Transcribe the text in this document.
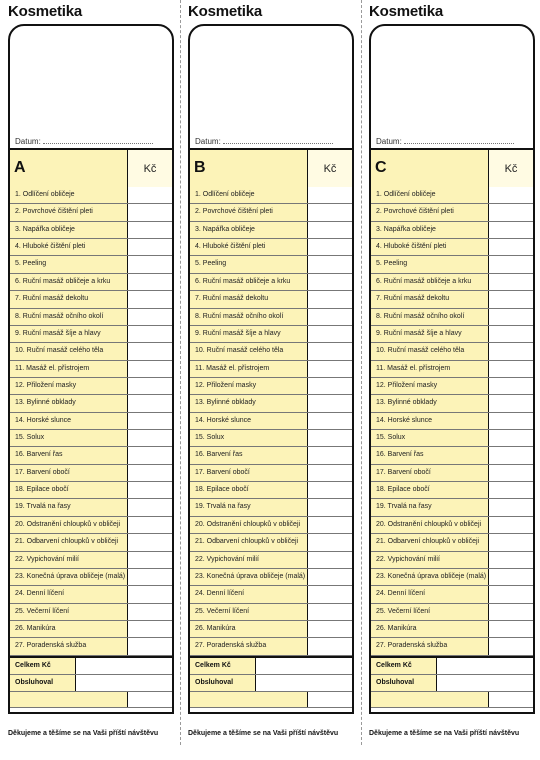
Kosmetika
Datum:
A	Kč
1. Odlíčení obličeje
2. Povrchové čištění pleti
3. Napářka obličeje
4. Hluboké čištění pleti
5. Peeling
6. Ruční masáž obličeje a krku
7. Ruční masáž dekoltu
8. Ruční masáž očního okolí
9. Ruční masáž šíje a hlavy
10. Ruční masáž celého těla
11. Masáž el. přístrojem
12. Přiložení masky
13. Bylinné obklady
14. Horské slunce
15. Solux
16. Barvení řas
17. Barvení obočí
18. Epilace obočí
19. Trvalá na řasy
20. Odstranění chloupků v obličeji
21. Odbarvení chloupků v obličeji
22. Vypichování milií
23. Konečná úprava obličeje (malá)
24. Denní líčení
25. Večerní líčení
26. Manikúra
27. Poradenská služba
Celkem Kč
Obsluhoval
Děkujeme a těšíme se na Vaši příští návštěvu
Kosmetika
Datum:
B	Kč
1. Odlíčení obličeje
2. Povrchové čištění pleti
3. Napářka obličeje
4. Hluboké čištění pleti
5. Peeling
6. Ruční masáž obličeje a krku
7. Ruční masáž dekoltu
8. Ruční masáž očního okolí
9. Ruční masáž šíje a hlavy
10. Ruční masáž celého těla
11. Masáž el. přístrojem
12. Přiložení masky
13. Bylinné obklady
14. Horské slunce
15. Solux
16. Barvení řas
17. Barvení obočí
18. Epilace obočí
19. Trvalá na řasy
20. Odstranění chloupků v obličeji
21. Odbarvení chloupků v obličeji
22. Vypichování milií
23. Konečná úprava obličeje (malá)
24. Denní líčení
25. Večerní líčení
26. Manikúra
27. Poradenská služba
Celkem Kč
Obsluhoval
Děkujeme a těšíme se na Vaši příští návštěvu
Kosmetika
Datum:
C	Kč
1. Odlíčení obličeje
2. Povrchové čištění pleti
3. Napářka obličeje
4. Hluboké čištění pleti
5. Peeling
6. Ruční masáž obličeje a krku
7. Ruční masáž dekoltu
8. Ruční masáž očního okolí
9. Ruční masáž šíje a hlavy
10. Ruční masáž celého těla
11. Masáž el. přístrojem
12. Přiložení masky
13. Bylinné obklady
14. Horské slunce
15. Solux
16. Barvení řas
17. Barvení obočí
18. Epilace obočí
19. Trvalá na řasy
20. Odstranění chloupků v obličeji
21. Odbarvení chloupků v obličeji
22. Vypichování milií
23. Konečná úprava obličeje (malá)
24. Denní líčení
25. Večerní líčení
26. Manikúra
27. Poradenská služba
Celkem Kč
Obsluhoval
Děkujeme a těšíme se na Vaši příští návštěvu
